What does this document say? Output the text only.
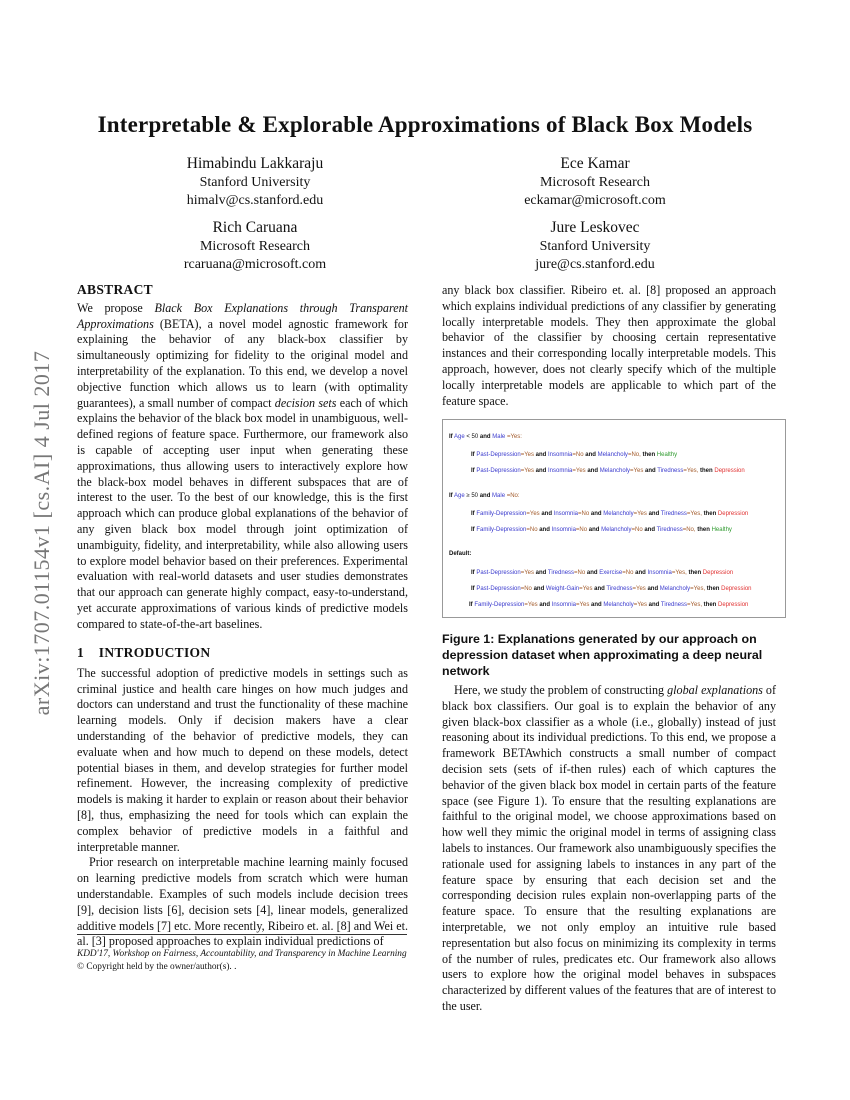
Interpretable & Explorable Approximations of Black Box Models
arXiv:1707.01154v1 [cs.AI] 4 Jul 2017
Himabindu Lakkaraju
Stanford University
himalv@cs.stanford.edu
Ece Kamar
Microsoft Research
eckamar@microsoft.com
Rich Caruana
Microsoft Research
rcaruana@microsoft.com
Jure Leskovec
Stanford University
jure@cs.stanford.edu
ABSTRACT

We propose Black Box Explanations through Transparent Approximations (BETA), a novel model agnostic framework for explaining the behavior of any black-box classifier by simultaneously optimizing for fidelity to the original model and interpretability of the explanation. To this end, we develop a novel objective function which allows us to learn (with optimality guarantees), a small number of compact decision sets each of which explains the behavior of the black box model in unambiguous, well-defined regions of feature space. Furthermore, our framework also is capable of accepting user input when generating these approximations, thus allowing users to interactively explore how the black-box model behaves in different subspaces that are of interest to the user. To the best of our knowledge, this is the first approach which can produce global explanations of the behavior of any given black box model through joint optimization of unambiguity, fidelity, and interpretability, while also allowing users to explore model behavior based on their preferences. Experimental evaluation with real-world datasets and user studies demonstrates that our approach can generate highly compact, easy-to-understand, yet accurate approximations of various kinds of predictive models compared to state-of-the-art baselines.

1 INTRODUCTION

The successful adoption of predictive models in settings such as criminal justice and health care hinges on how much judges and doctors can understand and trust the functionality of these machine learning models. Only if decision makers have a clear understanding of the behavior of predictive models, they can evaluate when and how much to depend on these models, detect potential biases in them, and develop strategies for further model refinement. However, the increasing complexity of predictive models is making it harder to explain or reason about their behavior [8], thus, emphasizing the need for tools which can explain the complex behavior of predictive models in a faithful and interpretable manner.

Prior research on interpretable machine learning mainly focused on learning predictive models from scratch which were human understandable. Examples of such models include decision trees [9], decision lists [6], decision sets [4], linear models, generalized additive models [7] etc. More recently, Ribeiro et. al. [8] and Wei et. al. [3] proposed approaches to explain individual predictions of

KDD'17, Workshop on Fairness, Accountability, and Transparency in Machine Learning
© Copyright held by the owner/author(s). .

any black box classifier. Ribeiro et. al. [8] proposed an approach which explains individual predictions of any classifier by generating locally interpretable models. They then approximate the global behavior of the classifier by choosing certain representative instances and their corresponding locally interpretable models. This approach, however, does not clearly specify which of the multiple locally interpretable models are applicable to which part of the feature space.

If Age < 50 and Male =Yes:
If Past-Depression=Yes and Insomnia=No and Melancholy=No, then Healthy
If Past-Depression=Yes and Insomnia=Yes and Melancholy=Yes and Tiredness=Yes, then Depression
If Age ≥ 50 and Male =No:
If Family-Depression=Yes and Insomnia=No and Melancholy=Yes and Tiredness=Yes, then Depression
If Family-Depression=No and Insomnia=No and Melancholy=No and Tiredness=No, then Healthy
Default:
If Past-Depression=Yes and Tiredness=No and Exercise=No and Insomnia=Yes, then Depression
If Past-Depression=No and Weight-Gain=Yes and Tiredness=Yes and Melancholy=Yes, then Depression
If Family-Depression=Yes and Insomnia=Yes and Melancholy=Yes and Tiredness=Yes, then Depression
Figure 1: Explanations generated by our approach on depression dataset when approximating a deep neural network

Here, we study the problem of constructing global explanations of black box classifiers. Our goal is to explain the behavior of any given black-box classifier as a whole (i.e., globally) instead of just reasoning about its individual predictions. To this end, we propose a framework BETAwhich constructs a small number of compact decision sets (sets of if-then rules) each of which captures the behavior of the given black box model in certain parts of the feature space (see Figure 1). To ensure that the resulting explanations are faithful to the original model, we choose approximations based on how well they mimic the original model in terms of assigning class labels to instances. Our framework also unambiguously specifies the rationale used for assigning labels to instances in any part of the feature space by ensuring that each decision set and the corresponding decision rules explain non-overlapping parts of the feature space. To ensure that the resulting explanations are interpretable, we not only employ an intuitive rule based representation but also focus on minimizing its complexity in terms of the number of rules, predicates etc. Our framework also allows users to explore how the original model behaves in subspaces characterized by different values of the features that are of interest to the user.
